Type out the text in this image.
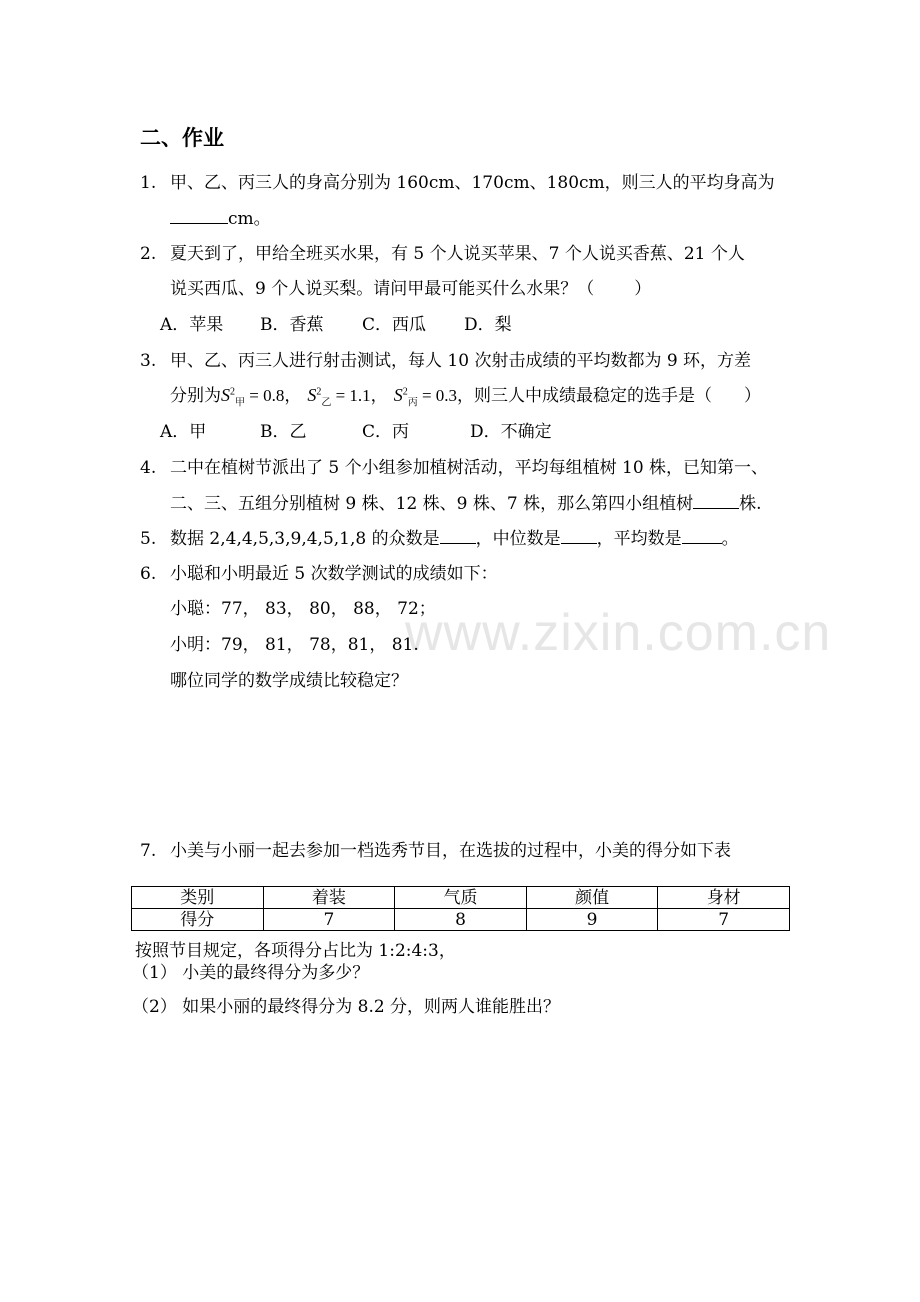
二、作业
1. 甲、乙、丙三人的身高分别为 160cm、170cm、180cm，则三人的平均身高为
cm。
2. 夏天到了，甲给全班买水果，有 5 个人说买苹果、7 个人说买香蕉、21 个人
说买西瓜、9 个人说买梨。请问甲最可能买什么水果？（ ）
A．苹果 B．香蕉 C．西瓜 D．梨
3. 甲、乙、丙三人进行射击测试，每人 10 次射击成绩的平均数都为 9 环，方差
分别为$S^2_甲 = 0.8$， $S^2_乙 = 1.1$， $S^2_丙 = 0.3$，则三人中成绩最稳定的选手是（ ）
A．甲	B．乙	C．丙	D．不确定
4. 二中在植树节派出了 5 个小组参加植树活动，平均每组植树 10 株，已知第一、
二、三、五组分别植树 9 株、12 株、9 株、7 株，那么第四小组植树	株.
5. 数据 2,4,4,5,3,9,4,5,1,8 的众数是 ，中位数是 ，平均数是 。
6. 小聪和小明最近 5 次数学测试的成绩如下：
小聪：77， 83， 80， 88， 72；
www.zixin.com.cn
小明：79， 81， 78，81， 81.
哪位同学的数学成绩比较稳定？
7. 小美与小丽一起去参加一档选秀节目，在选拔的过程中，小美的得分如下表
类别	着装	气质	颜值	身材
得分	7	8	9	7
按照节目规定，各项得分占比为 1:2:4:3，
（1） 小美的最终得分为多少？
（2） 如果小丽的最终得分为 8.2 分，则两人谁能胜出？
